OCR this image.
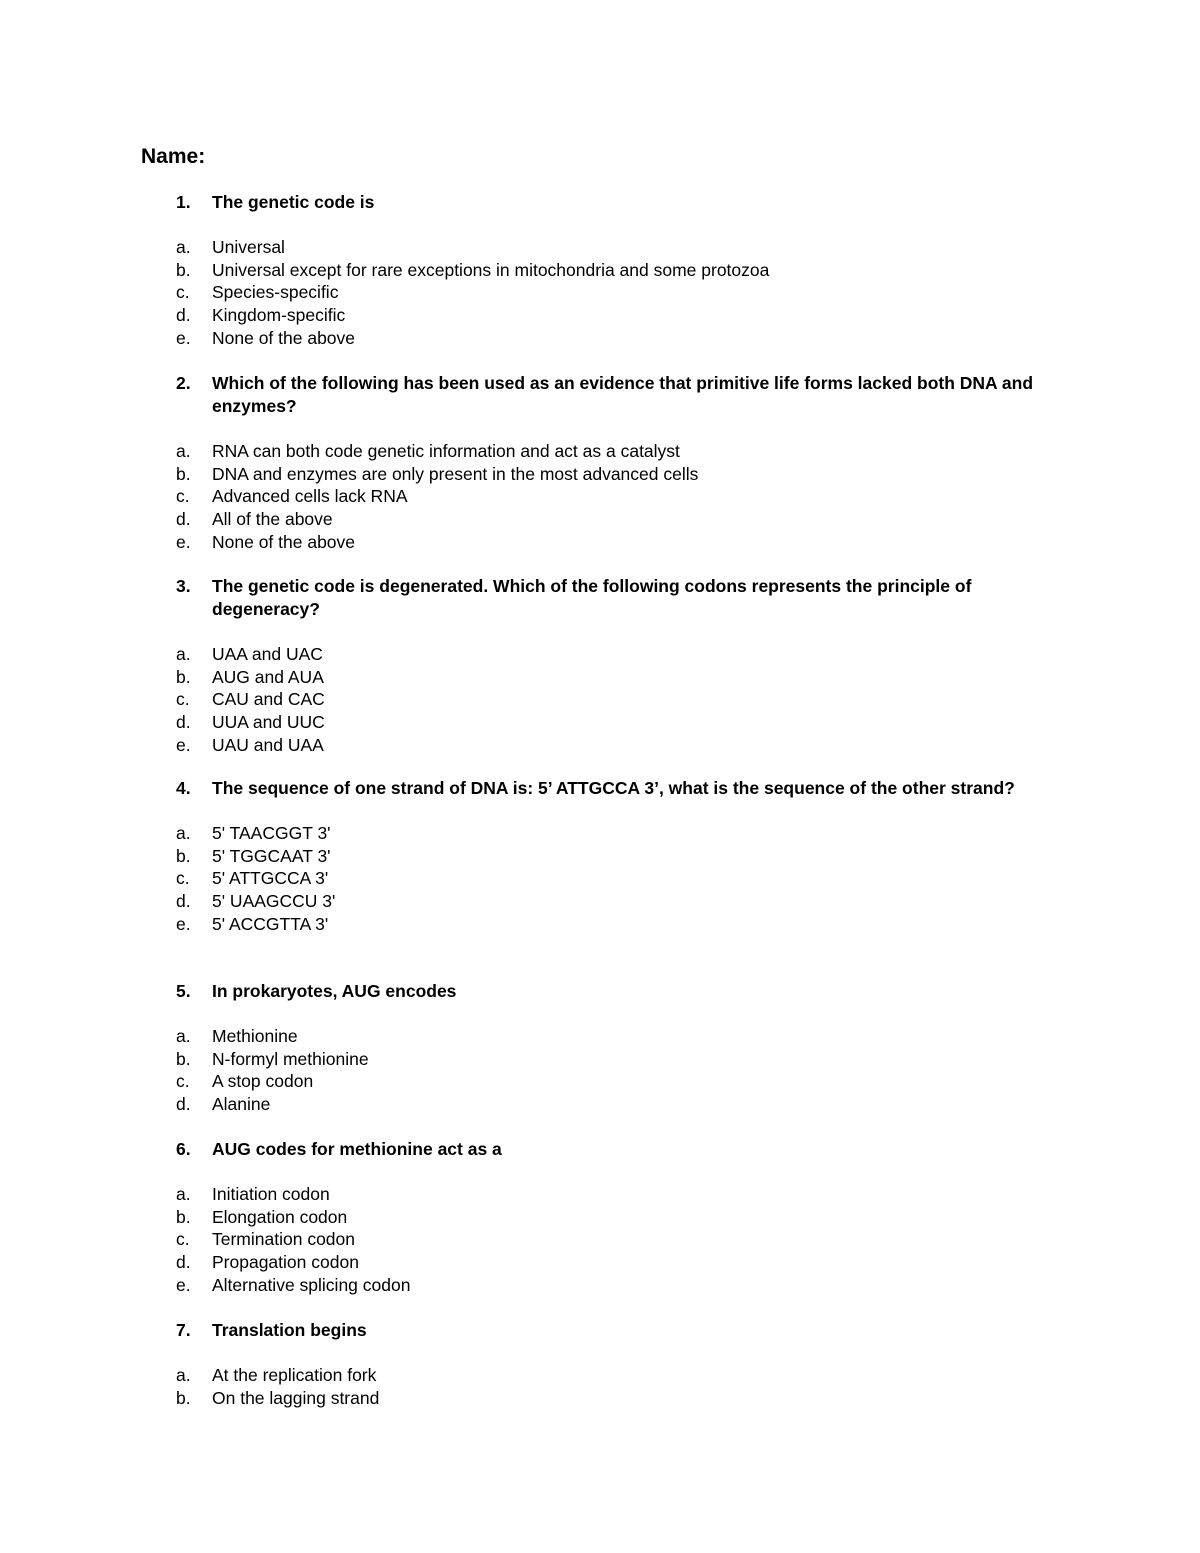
Name:
1. The genetic code is
a. Universal
b. Universal except for rare exceptions in mitochondria and some protozoa
c. Species-specific
d. Kingdom-specific
e. None of the above
2. Which of the following has been used as an evidence that primitive life forms lacked both DNA and enzymes?
a. RNA can both code genetic information and act as a catalyst
b. DNA and enzymes are only present in the most advanced cells
c. Advanced cells lack RNA
d. All of the above
e. None of the above
3. The genetic code is degenerated. Which of the following codons represents the principle of degeneracy?
a. UAA and UAC
b. AUG and AUA
c. CAU and CAC
d. UUA and UUC
e. UAU and UAA
4. The sequence of one strand of DNA is: 5’ ATTGCCA 3’, what is the sequence of the other strand?
a. 5' TAACGGT 3'
b. 5' TGGCAAT 3'
c. 5' ATTGCCA 3'
d. 5' UAAGCCU 3'
e. 5' ACCGTTA 3'
5. In prokaryotes, AUG encodes
a. Methionine
b. N-formyl methionine
c. A stop codon
d. Alanine
6. AUG codes for methionine act as a
a. Initiation codon
b. Elongation codon
c. Termination codon
d. Propagation codon
e. Alternative splicing codon
7. Translation begins
a. At the replication fork
b. On the lagging strand
